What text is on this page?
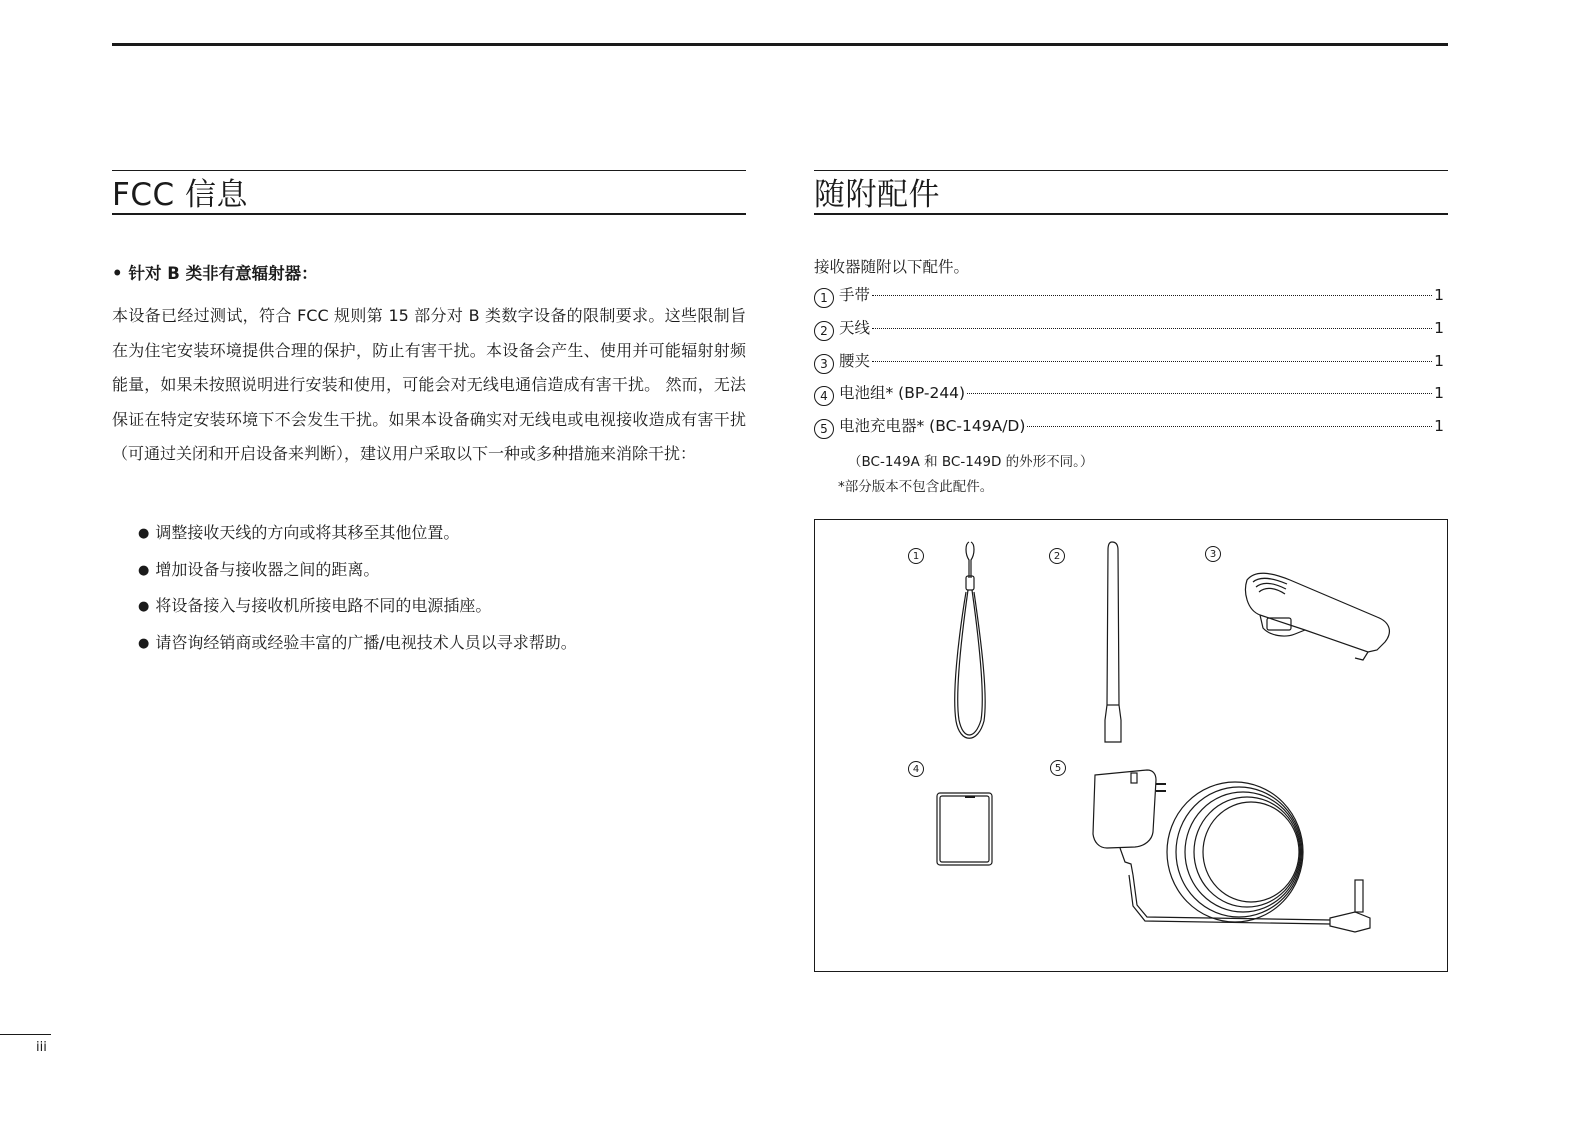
FCC 信息

• 针对 B 类非有意辐射器：

本设备已经过测试，符合 FCC 规则第 15 部分对 B 类数字设备的限制要求。这些限制旨在为住宅安装环境提供合理的保护，防止有害干扰。本设备会产生、使用并可能辐射射频能量，如果未按照说明进行安装和使用，可能会对无线电通信造成有害干扰。 然而，无法保证在特定安装环境下不会发生干扰。如果本设备确实对无线电或电视接收造成有害干扰（可通过关闭和开启设备来判断），建议用户采取以下一种或多种措施来消除干扰：

● 调整接收天线的方向或将其移至其他位置。
● 增加设备与接收器之间的距离。
● 将设备接入与接收机所接电路不同的电源插座。
● 请咨询经销商或经验丰富的广播/电视技术人员以寻求帮助。
随附配件

接收器随附以下配件。

1 手带	1
2 天线	1
3 腰夹	1
4 电池组* (BP-244)	1
5 电池充电器* (BC-149A/D)	1

（BC-149A 和 BC-149D 的外形不同。）

*部分版本不包含此配件。

1	2	3
4	5

iii
